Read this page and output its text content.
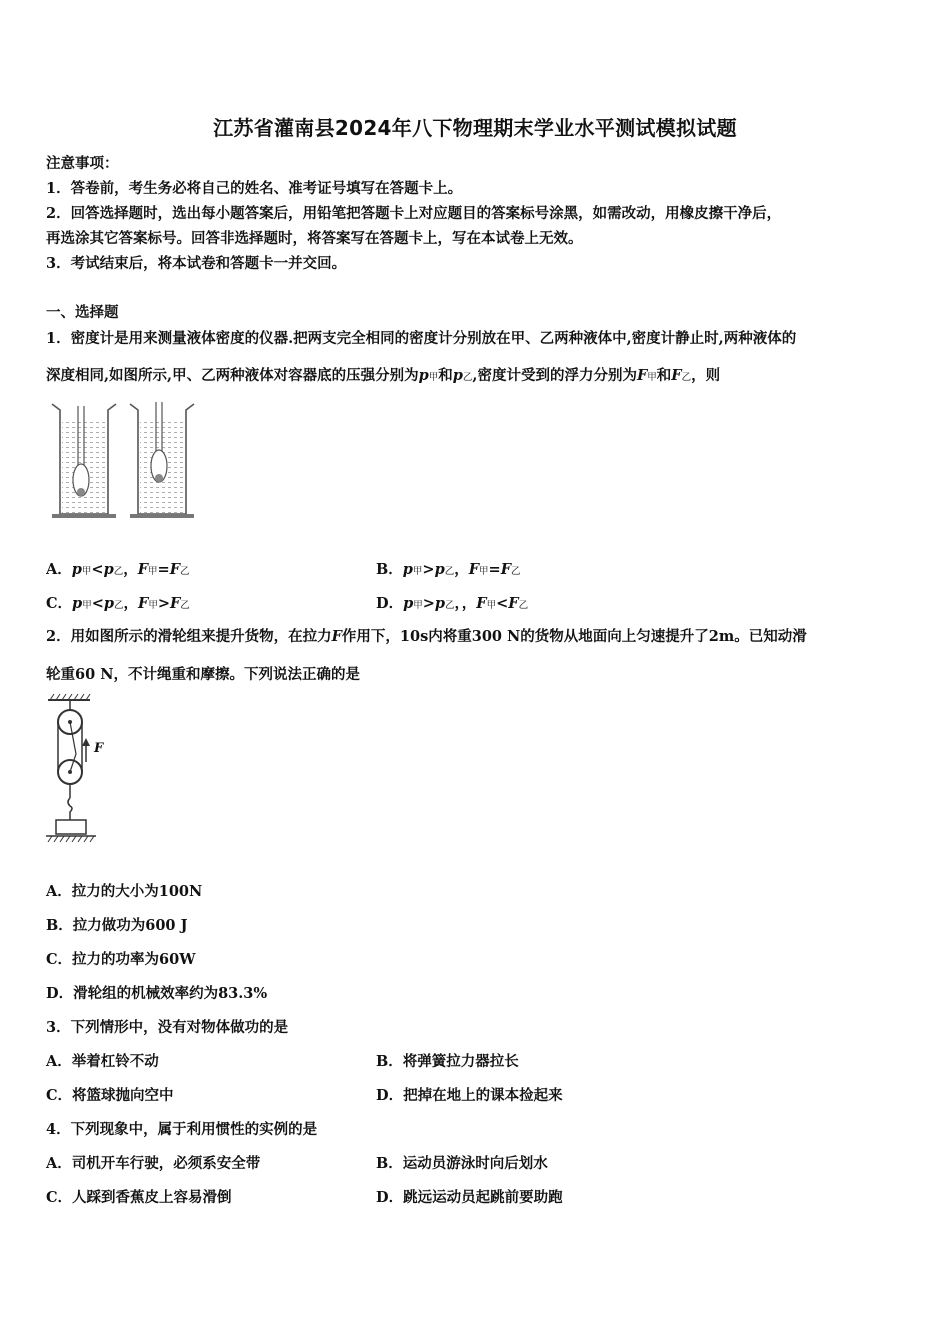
江苏省灌南县2024年八下物理期末学业水平测试模拟试题
注意事项：
1．答卷前，考生务必将自己的姓名、准考证号填写在答题卡上。
2．回答选择题时，选出每小题答案后，用铅笔把答题卡上对应题目的答案标号涂黑，如需改动，用橡皮擦干净后，
再选涂其它答案标号。回答非选择题时，将答案写在答题卡上，写在本试卷上无效。
3．考试结束后，将本试卷和答题卡一并交回。
一、选择题
1．密度计是用来测量液体密度的仪器.把两支完全相同的密度计分别放在甲、乙两种液体中,密度计静止时,两种液体的
深度相同,如图所示,甲、乙两种液体对容器底的压强分别为p甲和p乙,密度计受到的浮力分别为F甲和F乙，则
A．p甲<p乙，F甲=F乙	B．p甲>p乙，F甲=F乙
C．p甲<p乙，F甲>F乙	D．p甲>p乙，，F甲<F乙
2．用如图所示的滑轮组来提升货物，在拉力F作用下，10s内将重300 N的货物从地面向上匀速提升了2m。已知动滑
轮重60 N，不计绳重和摩擦。下列说法正确的是
F
A．拉力的大小为100N
B．拉力做功为600 J
C．拉力的功率为60W
D．滑轮组的机械效率约为83.3%
3．下列情形中，没有对物体做功的是
A．举着杠铃不动	B．将弹簧拉力器拉长
C．将篮球抛向空中	D．把掉在地上的课本捡起来
4．下列现象中，属于利用惯性的实例的是
A．司机开车行驶，必须系安全带	B．运动员游泳时向后划水
C．人踩到香蕉皮上容易滑倒	D．跳远运动员起跳前要助跑
